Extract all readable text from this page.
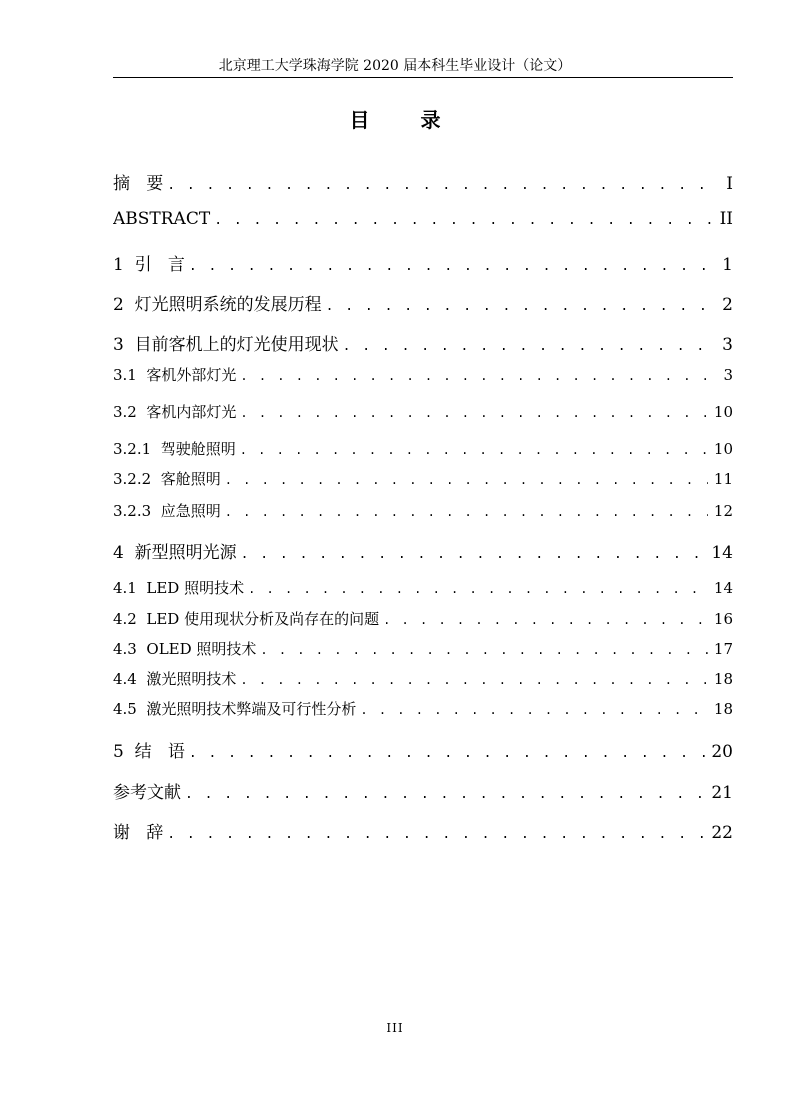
北京理工大学珠海学院 2020 届本科生毕业设计（论文）
目 录
摘   要 . . .	I
ABSTRACT . . .	II
1  引   言 . . .	1
2  灯光照明系统的发展历程 . . .	2
3  目前客机上的灯光使用现状 . . .	3
3.1  客机外部灯光 . . .	3
3.2  客机内部灯光 . . .	10
3.2.1  驾驶舱照明 . . .	10
3.2.2  客舱照明 . . .	11
3.2.3  应急照明 . . .	12
4  新型照明光源 . . .	14
4.1  LED 照明技术 . . .	14
4.2  LED 使用现状分析及尚存在的问题 . . .	16
4.3  OLED 照明技术 . . .	17
4.4  激光照明技术 . . .	18
4.5  激光照明技术弊端及可行性分析 . . .	18
5  结   语 . . .	20
参考文献 . . .	21
谢   辞 . . .	22
III
